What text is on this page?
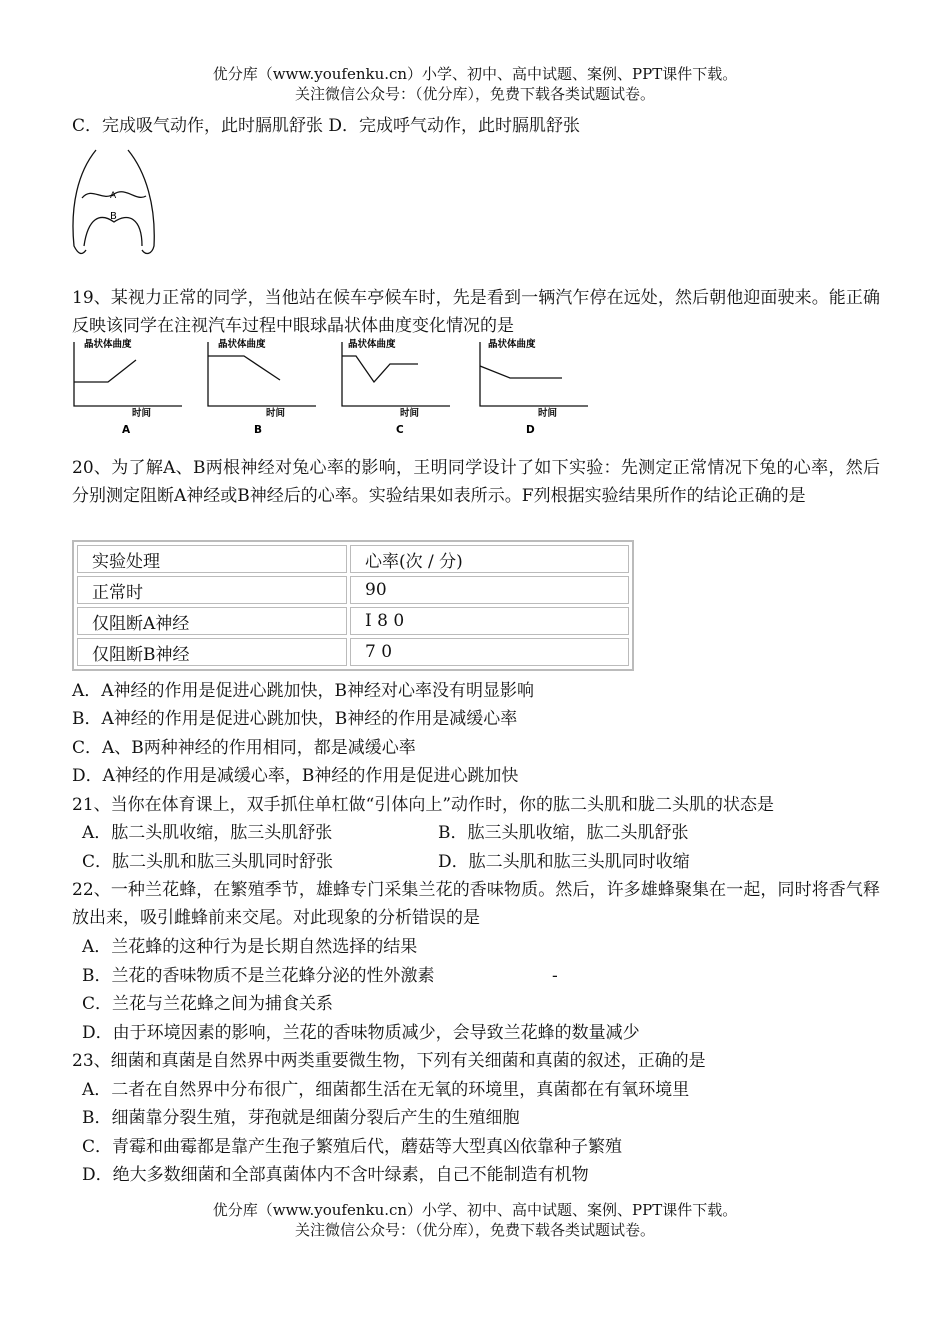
优分库（www.youfenku.cn）小学、初中、高中试题、案例、PPT课件下载。
关注微信公众号：（优分库），免费下载各类试题试卷。
C．完成吸气动作，此时膈肌舒张 D．完成呼气动作，此时膈肌舒张
A
B
19、某视力正常的同学，当他站在候车亭候车时，先是看到一辆汽乍停在远处，然后朝他迎面驶来。能正确反映该同学在注视汽车过程中眼球晶状体曲度变化情况的是
晶状体曲度
时间
A
晶状体曲度
时间
B
晶状体曲度
时间
C
晶状体曲度
时间
D
20、为了解A、B两根神经对兔心率的影响，王明同学设计了如下实验：先测定正常情况下兔的心率，然后分别测定阻断A神经或B神经后的心率。实验结果如表所示。F列根据实验结果所作的结论正确的是
实验处理	心率(次 / 分)
正常时	90
仅阻断A神经	I 8 0
仅阻断B神经	7 0
A．A神经的作用是促进心跳加快，B神经对心率没有明显影响
B．A神经的作用是促进心跳加快，B神经的作用是减缓心率
C．A、B两种神经的作用相同，都是减缓心率
D．A神经的作用是减缓心率，B神经的作用是促进心跳加快
21、当你在体育课上，双手抓住单杠做“引体向上”动作时，你的肱二头肌和胧二头肌的状态是
A．肱二头肌收缩，肱三头肌舒张	B．肱三头肌收缩，肱二头肌舒张
C．肱二头肌和肱三头肌同时舒张	D．肱二头肌和肱三头肌同时收缩
22、一种兰花蜂，在繁殖季节，雄蜂专门采集兰花的香味物质。然后，许多雄蜂聚集在一起，同时将香气释放出来，吸引雌蜂前来交尾。对此现象的分析错误的是
A．兰花蜂的这种行为是长期自然选择的结果
B．兰花的香味物质不是兰花蜂分泌的性外激素	-
C．兰花与兰花蜂之间为捕食关系
D．由于环境因素的影响，兰花的香味物质减少，会导致兰花蜂的数量减少
23、细菌和真菌是自然界中两类重要微生物，下列有关细菌和真菌的叙述，正确的是
A．二者在自然界中分布很广，细菌都生活在无氧的环境里，真菌都在有氧环境里
B．细菌靠分裂生殖，芽孢就是细菌分裂后产生的生殖细胞
C．青霉和曲霉都是靠产生孢子繁殖后代，蘑菇等大型真凶依靠种子繁殖
D．绝大多数细菌和全部真菌体内不含叶绿素，自己不能制造有机物
优分库（www.youfenku.cn）小学、初中、高中试题、案例、PPT课件下载。
关注微信公众号：（优分库），免费下载各类试题试卷。
